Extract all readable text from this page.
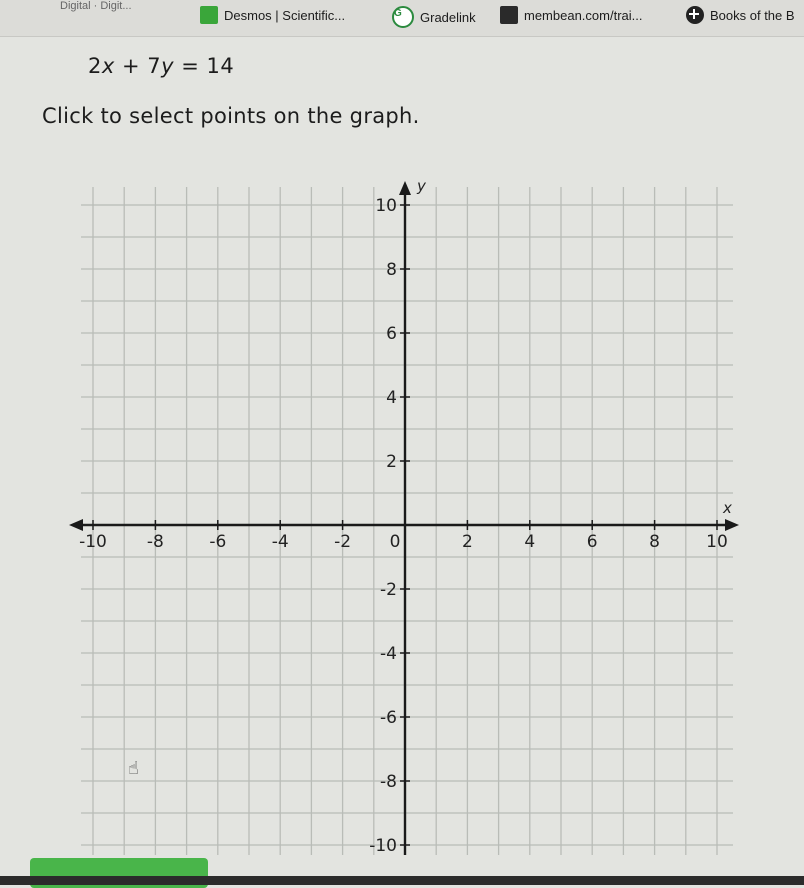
Digital · Digit...
Desmos | Scientific...	G	Gradelink	membean.com/trai...	Books of the B
2x + 7y = 14
Click to select points on the graph.
x
y
-10 -8	-6	-4	-2 0	2	4	6	8	10
10
8
6
4
2
-2
-4
-6
-8
-10
☝
